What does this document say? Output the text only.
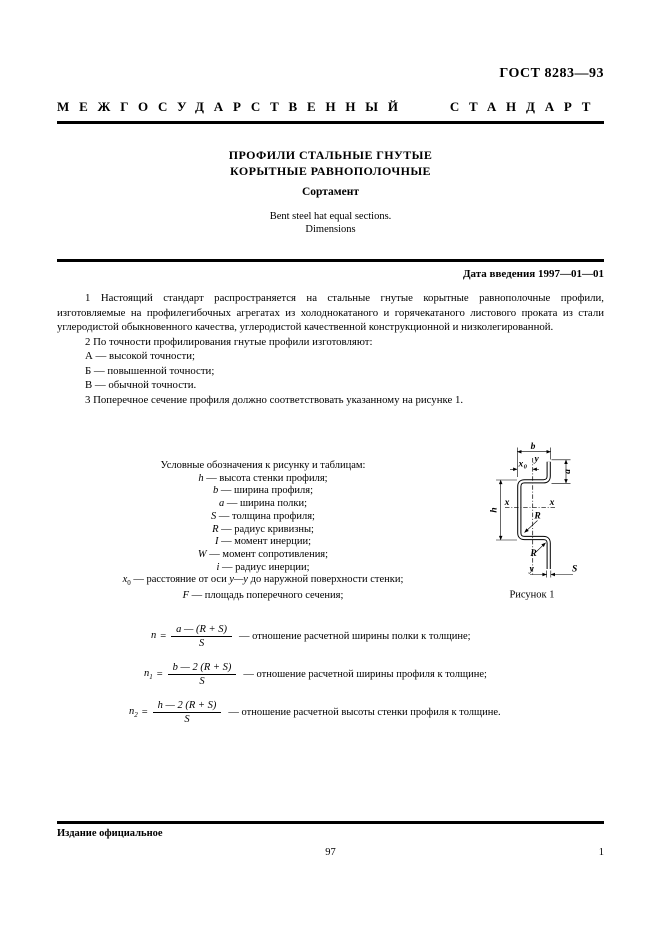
ГОСТ 8283—93
МЕЖГОСУДАРСТВЕННЫЙ СТАНДАРТ
ПРОФИЛИ СТАЛЬНЫЕ ГНУТЫЕ
КОРЫТНЫЕ РАВНОПОЛОЧНЫЕ
Сортамент
Bent steel hat equal sections.
Dimensions
Дата введения 1997—01—01

1 Настоящий стандарт распространяется на стальные гнутые корытные равнополочные профили, изготовляемые на профилегибочных агрегатах из холоднокатаного и горячекатаного листового проката из стали углеродистой обыкновенного качества, углеродистой качественной конструкционной и низколегированной.

2 По точности профилирования гнутые профили изготовляют:

А — высокой точности;

Б — повышенной точности;

В — обычной точности.

3 Поперечное сечение профиля должно соответствовать указанному на рисунке 1.

Условные обозначения к рисунку и таблицам:
h — высота стенки профиля;
b — ширина профиля;
a — ширина полки;
S — толщина профиля;
R — радиус кривизны;
I — момент инерции;
W — момент сопротивления;
i — радиус инерции;
$x_0$ — расстояние от оси y—y до наружной поверхности стенки;
F — площадь поперечного сечения;
b
x 0
y
a
h
x	x
R
R
y	S
Рисунок 1
$n = \frac{a — (R + S)}{S}$ — отношение расчетной ширины полки к толщине;
$n_1 = \frac{b — 2 (R + S)}{S}$ — отношение расчетной ширины профиля к толщине;
$n_2 = \frac{h — 2 (R + S)}{S}$ — отношение расчетной высоты стенки профиля к толщине.
Издание официальное
97	1
